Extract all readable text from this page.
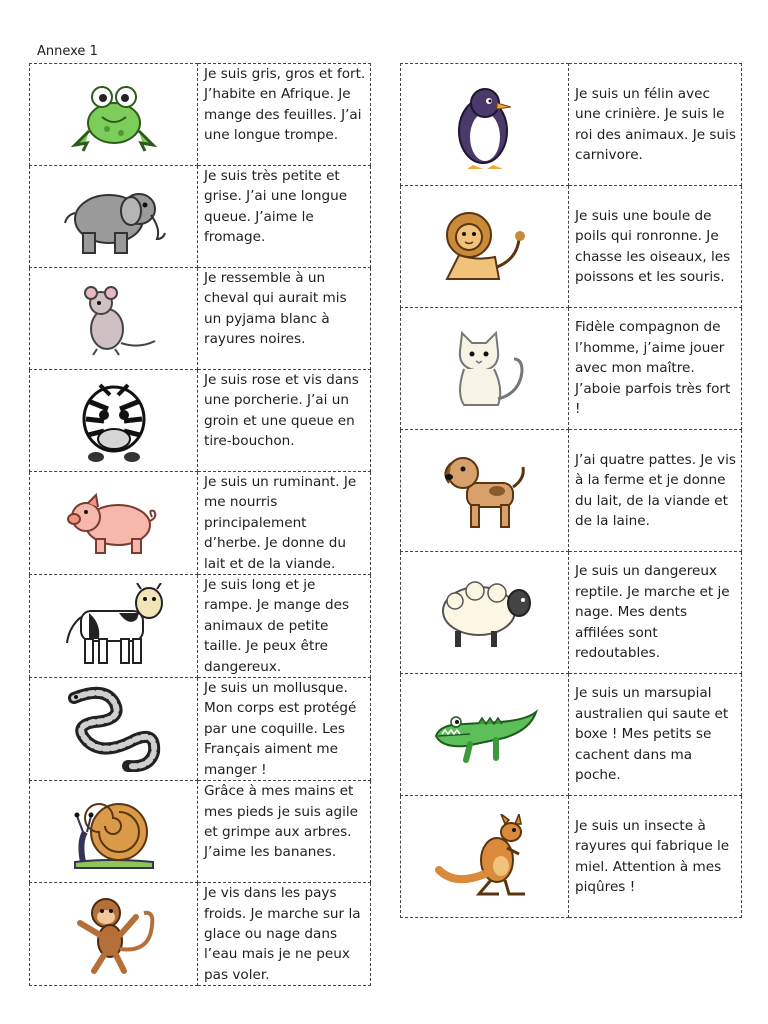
Annexe 1

Je suis gris, gros et fort. J’habite en Afrique. Je mange des feuilles. J’ai une longue trompe.

Je suis très petite et grise. J’ai une longue queue. J’aime le fromage.

Je ressemble à un cheval qui aurait mis un pyjama blanc à rayures noires.

Je suis rose et vis dans une porcherie. J’ai un groin et une queue en tire-bouchon.

Je suis un ruminant. Je me nourris principalement d’herbe. Je donne du lait et de la viande.

Je suis long et je rampe. Je mange des animaux de petite taille. Je peux être dangereux.

Je suis un mollusque. Mon corps est protégé par une coquille. Les Français aiment me manger !

Grâce à mes mains et mes pieds je suis agile et grimpe aux arbres. J’aime les bananes.

Je vis dans les pays froids. Je marche sur la glace ou nage dans l’eau mais je ne peux pas voler.

Je suis un félin avec une crinière. Je suis le roi des animaux. Je suis carnivore.

Je suis une boule de poils qui ronronne. Je chasse les oiseaux, les poissons et les souris.

Fidèle compagnon de l’homme, j’aime jouer avec mon maître. J’aboie parfois très fort !

J’ai quatre pattes. Je vis à la ferme et je donne du lait, de la viande et de la laine.

Je suis un dangereux reptile. Je marche et je nage. Mes dents affilées sont redoutables.

Je suis un marsupial australien qui saute et boxe ! Mes petits se cachent dans ma poche.

Je suis un insecte à rayures qui fabrique le miel. Attention à mes piqûres !
